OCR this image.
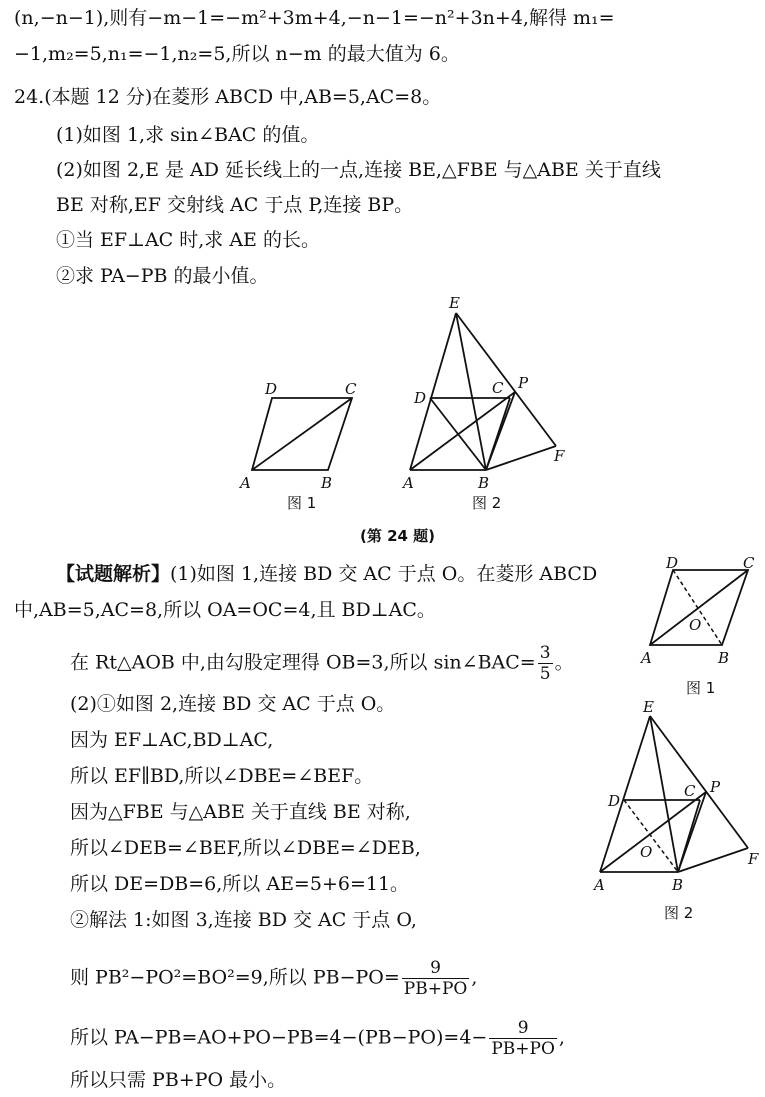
(n,−n−1),则有−m−1=−m²+3m+4,−n−1=−n²+3n+4,解得 m₁=
−1,m₂=5,n₁=−1,n₂=5,所以 n−m 的最大值为 6。
24.(本题 12 分)在菱形 ABCD 中,AB=5,AC=8。
(1)如图 1,求 sin∠BAC 的值。
(2)如图 2,E 是 AD 延长线上的一点,连接 BE,△FBE 与△ABE 关于直线
BE 对称,EF 交射线 AC 于点 P,连接 BP。
①当 EF⊥AC 时,求 AE 的长。
②求 PA−PB 的最小值。
A	B
C
D
图 1
E
D
C P
F
A	B
图 2
(第 24 题)
【试题解析】(1)如图 1,连接 BD 交 AC 于点 O。在菱形 ABCD
中,AB=5,AC=8,所以 OA=OC=4,且 BD⊥AC。
在 Rt△AOB 中,由勾股定理得 OB=3,所以 sin∠BAC= $\frac{3}{5}$ 。
(2)①如图 2,连接 BD 交 AC 于点 O。
因为 EF⊥AC,BD⊥AC,
所以 EF∥BD,所以∠DBE=∠BEF。
因为△FBE 与△ABE 关于直线 BE 对称,
所以∠DEB=∠BEF,所以∠DBE=∠DEB,
所以 DE=DB=6,所以 AE=5+6=11。
②解法 1:如图 3,连接 BD 交 AC 于点 O,
则 PB²−PO²=BO²=9,所以 $PB-PO= \frac{9}{PB+PO}$ ,
所以 $PA-PB=AO+PO-PB=4-(PB-PO)=4- \frac{9}{PB+PO}$ ,
所以只需 PB+PO 最小。
A	B
C
D
O
图 1
E
D
C P
F
O
A	B
图 2
